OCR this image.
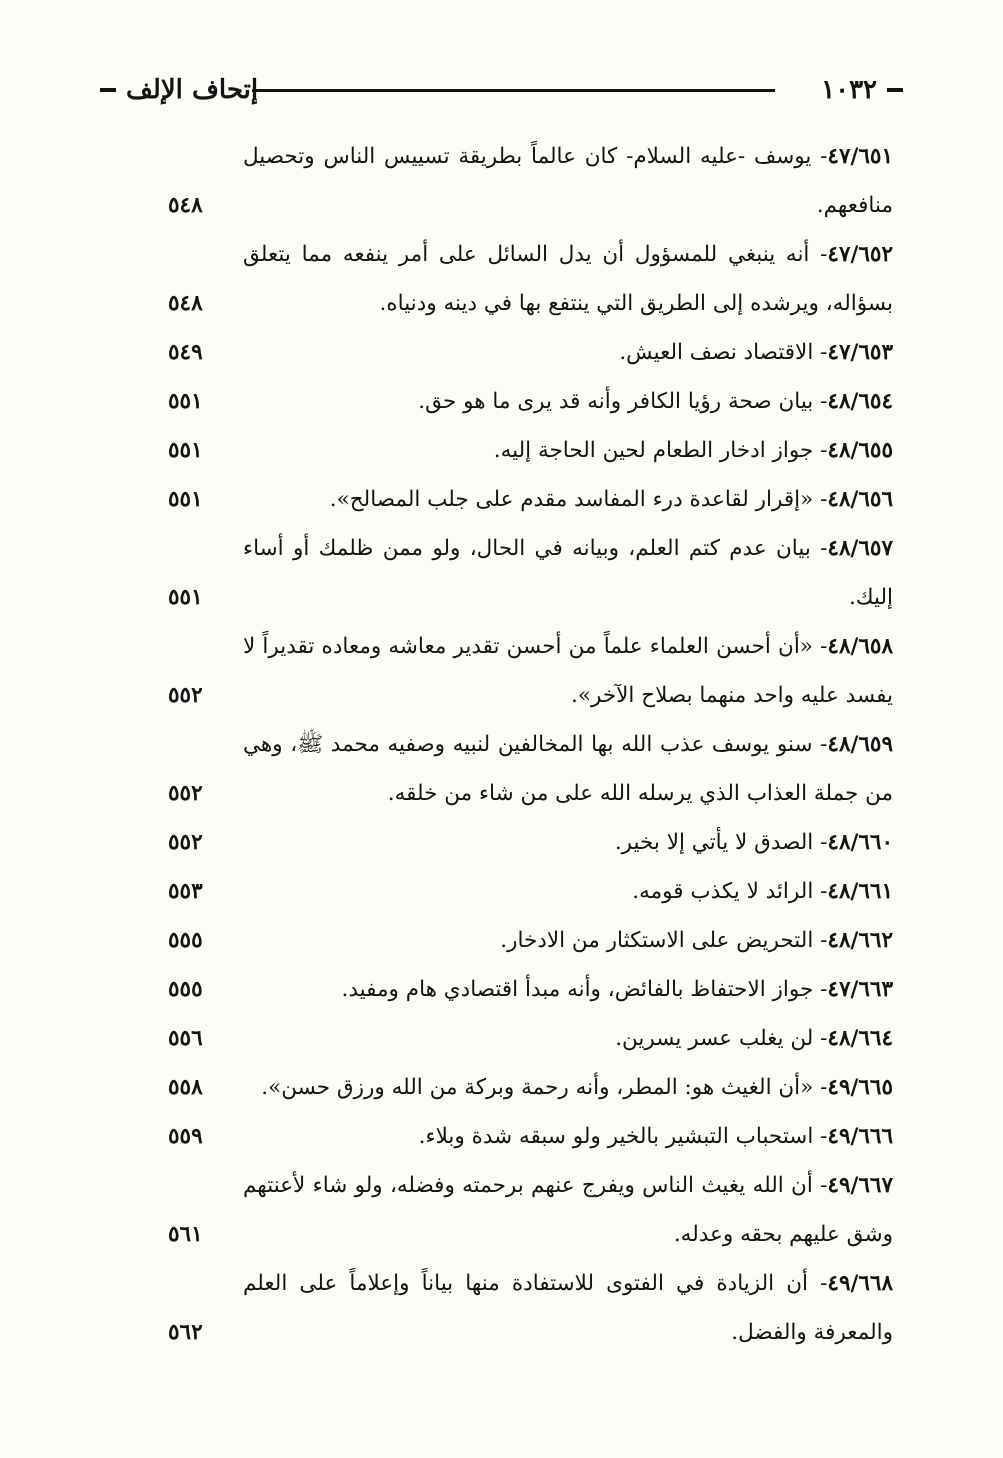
١٠٣٢
إتحاف الإلف
٤٧/٦٥١- يوسف -عليه السلام- كان عالماً بطريقة تسييس الناس وتحصيل منافعهم.
٥٤٨
٤٧/٦٥٢- أنه ينبغي للمسؤول أن يدل السائل على أمر ينفعه مما يتعلق بسؤاله، ويرشده إلى الطريق التي ينتفع بها في دينه ودنياه.
٥٤٨
٤٧/٦٥٣- الاقتصاد نصف العيش.
٥٤٩
٤٨/٦٥٤- بيان صحة رؤيا الكافر وأنه قد يرى ما هو حق.
٥٥١
٤٨/٦٥٥- جواز ادخار الطعام لحين الحاجة إليه.
٥٥١
٤٨/٦٥٦- «إقرار لقاعدة درء المفاسد مقدم على جلب المصالح».
٥٥١
٤٨/٦٥٧- بيان عدم كتم العلم، وبيانه في الحال، ولو ممن ظلمك أو أساء إليك.
٥٥١
٤٨/٦٥٨- «أن أحسن العلماء علماً من أحسن تقدير معاشه ومعاده تقديراً لا يفسد عليه واحد منهما بصلاح الآخر».
٥٥٢
٤٨/٦٥٩- سنو يوسف عذب الله بها المخالفين لنبيه وصفيه محمد ﷺ، وهي من جملة العذاب الذي يرسله الله على من شاء من خلقه.
٥٥٢
٤٨/٦٦٠- الصدق لا يأتي إلا بخير.
٥٥٢
٤٨/٦٦١- الرائد لا يكذب قومه.
٥٥٣
٤٨/٦٦٢- التحريض على الاستكثار من الادخار.
٥٥٥
٤٧/٦٦٣- جواز الاحتفاظ بالفائض، وأنه مبدأ اقتصادي هام ومفيد.
٥٥٥
٤٨/٦٦٤- لن يغلب عسر يسرين.
٥٥٦
٤٩/٦٦٥- «أن الغيث هو: المطر، وأنه رحمة وبركة من الله ورزق حسن».
٥٥٨
٤٩/٦٦٦- استحباب التبشير بالخير ولو سبقه شدة وبلاء.
٥٥٩
٤٩/٦٦٧- أن الله يغيث الناس ويفرج عنهم برحمته وفضله، ولو شاء لأعنتهم وشق عليهم بحقه وعدله.
٥٦١
٤٩/٦٦٨- أن الزيادة في الفتوى للاستفادة منها بياناً وإعلاماً على العلم والمعرفة والفضل.
٥٦٢
